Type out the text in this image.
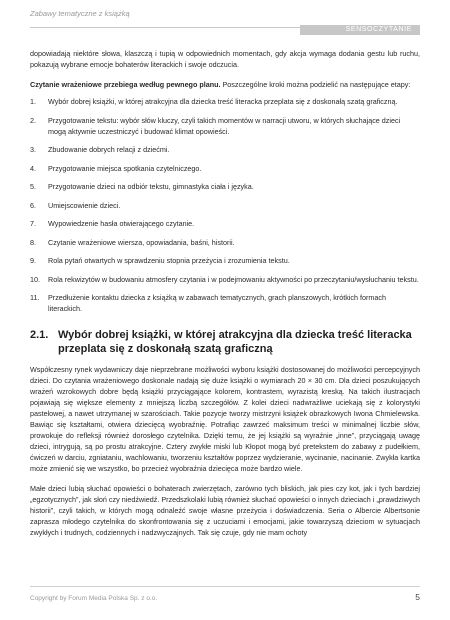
Zabawy tematyczne z książką
SENSOCZYTANIE

dopowiadają niektóre słowa, klaszczą i tupią w odpowiednich momentach, gdy akcja wymaga dodania gestu lub ruchu, pokazują wybrane emocje bohaterów literackich i swoje odczucia.

Czytanie wrażeniowe przebiega według pewnego planu. Poszczególne kroki można podzielić na następujące etapy:

1.	Wybór dobrej książki, w której atrakcyjna dla dziecka treść literacka przeplata się z doskonałą szatą graficzną.
2.	Przygotowanie tekstu: wybór słów kluczy, czyli takich momentów w narracji utworu, w których słuchające dzieci mogą aktywnie uczestniczyć i budować klimat opowieści.
3.	Zbudowanie dobrych relacji z dziećmi.
4.	Przygotowanie miejsca spotkania czytelniczego.
5.	Przygotowanie dzieci na odbiór tekstu, gimnastyka ciała i języka.
6.	Umiejscowienie dzieci.
7.	Wypowiedzenie hasła otwierającego czytanie.
8.	Czytanie wrażeniowe wiersza, opowiadania, baśni, historii.
9.	Rola pytań otwartych w sprawdzeniu stopnia przeżycia i zrozumienia tekstu.
10.	Rola rekwizytów w budowaniu atmosfery czytania i w podejmowaniu aktywności po przeczytaniu/wysłuchaniu tekstu.
11.	Przedłużenie kontaktu dziecka z książką w zabawach tematycznych, grach planszowych, krótkich formach literackich.
2.1. Wybór dobrej książki, w której atrakcyjna dla dziecka treść literacka przeplata się z doskonałą szatą graficzną

Współczesny rynek wydawniczy daje nieprzebrane możliwości wyboru książki dostosowanej do możliwości percepcyjnych dzieci. Do czytania wrażeniowego doskonale nadają się duże książki o wymiarach 20 × 30 cm. Dla dzieci poszukujących wrażeń wzrokowych dobre będą książki przyciągające kolorem, kontrastem, wyrazistą kreską. Na takich ilustracjach pojawiają się większe elementy z mniejszą liczbą szczegółów. Z kolei dzieci nadwrażliwe uciekają się z kolorystyki pastelowej, a nawet utrzymanej w szarościach. Takie pozycje tworzy mistrzyni książek obrazkowych Iwona Chmielewska. Bawiąc się kształtami, otwiera dziecięcą wyobraźnię. Potrafiąc zawrzeć maksimum treści w minimalnej liczbie słów, prowokuje do refleksji również dorosłego czytelnika. Dzięki temu, że jej książki są wyraźnie „inne”, przyciągają uwagę dzieci, intrygują, są po prostu atrakcyjne. Cztery zwykłe miski lub Kłopot mogą być pretekstem do zabawy z pudełkiem, ćwiczeń w darciu, zgniataniu, wachlowaniu, tworzeniu kształtów poprzez wydzieranie, wycinanie, nacinanie. Zwykła kartka może zmienić się we wszystko, bo przecież wyobraźnia dziecięca może bardzo wiele.

Małe dzieci lubią słuchać opowieści o bohaterach zwierzętach, zarówno tych bliskich, jak pies czy kot, jak i tych bardziej „egzotycznych”, jak słoń czy niedźwiedź. Przedszkolaki lubią również słuchać opowieści o innych dzieciach i „prawdziwych historii”, czyli takich, w których mogą odnaleźć swoje własne przeżycia i doświadczenia. Seria o Albercie Albertsonie zaprasza młodego czytelnika do skonfrontowania się z uczuciami i emocjami, jakie towarzyszą dzieciom w sytuacjach zwykłych i trudnych, codziennych i nadzwyczajnych. Tak się czuje, gdy nie mam ochoty

Copyright by Forum Media Polska Sp. z o.o.	5
